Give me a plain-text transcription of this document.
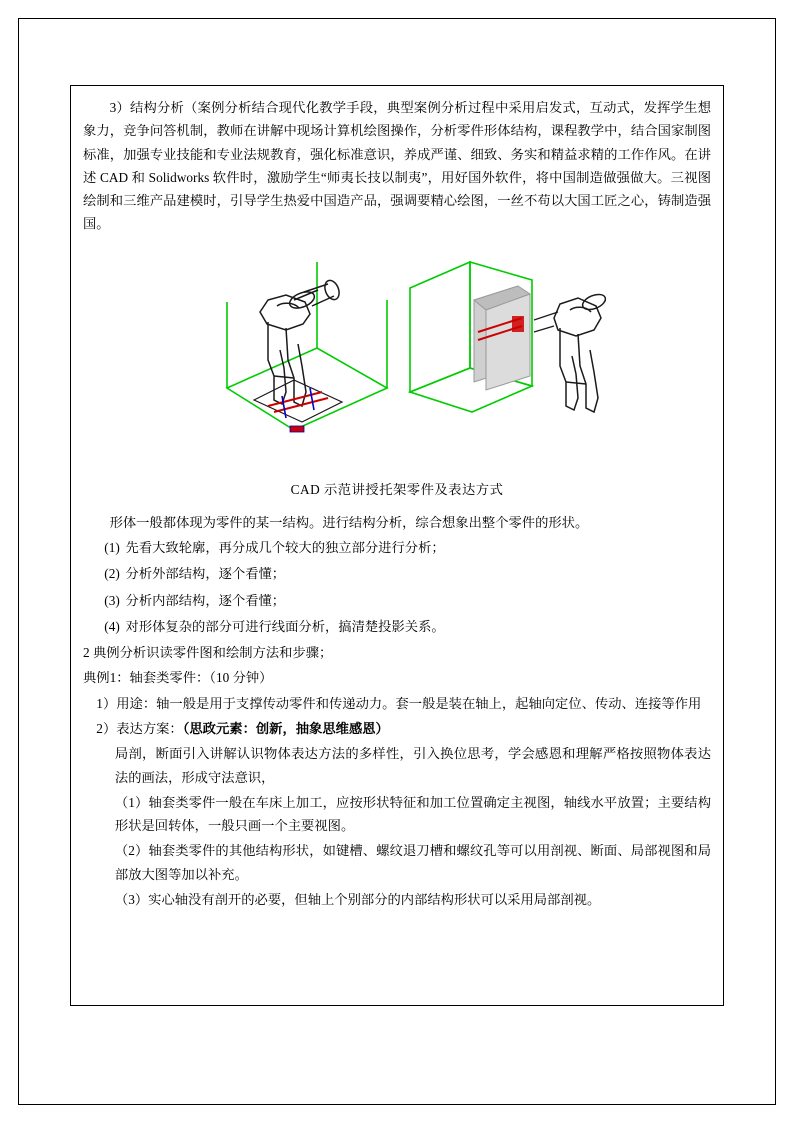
3）结构分析（案例分析结合现代化教学手段，典型案例分析过程中采用启发式，互动式，发挥学生想象力，竞争问答机制，教师在讲解中现场计算机绘图操作，分析零件形体结构，课程教学中，结合国家制图标准，加强专业技能和专业法规教育，强化标准意识，养成严谨、细致、务实和精益求精的工作作风。在讲述 CAD 和 Solidworks 软件时，激励学生“师夷长技以制夷”，用好国外软件，将中国制造做强做大。三视图绘制和三维产品建模时，引导学生热爱中国造产品，强调要精心绘图，一丝不苟以大国工匠之心，铸制造强国。

CAD 示范讲授托架零件及表达方式

形体一般都体现为零件的某一结构。进行结构分析，综合想象出整个零件的形状。

(1) 先看大致轮廓，再分成几个较大的独立部分进行分析；

(2) 分析外部结构，逐个看懂；

(3) 分析内部结构，逐个看懂；

(4) 对形体复杂的部分可进行线面分析，搞清楚投影关系。

2 典例分析识读零件图和绘制方法和步骤；

典例1：轴套类零件：（10 分钟）

1）用途：轴一般是用于支撑传动零件和传递动力。套一般是装在轴上，起轴向定位、传动、连接等作用

2）表达方案：（思政元素：创新，抽象思维感恩）

局剖，断面引入讲解认识物体表达方法的多样性，引入换位思考，学会感恩和理解严格按照物体表达法的画法，形成守法意识，

（1）轴套类零件一般在车床上加工，应按形状特征和加工位置确定主视图，轴线水平放置；主要结构形状是回转体，一般只画一个主要视图。

（2）轴套类零件的其他结构形状，如键槽、螺纹退刀槽和螺纹孔等可以用剖视、断面、局部视图和局部放大图等加以补充。

（3）实心轴没有剖开的必要，但轴上个别部分的内部结构形状可以采用局部剖视。
